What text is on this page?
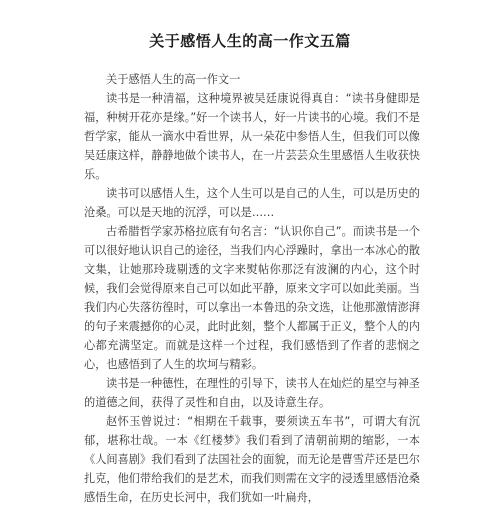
关于感悟人生的高一作文五篇

关于感悟人生的高一作文一

读书是一种清福，这种境界被吴廷康说得真自：“读书身健即是福，种树开花亦是缘。”好一个读书人，好一片读书的心境。我们不是哲学家，能从一滴水中看世界，从一朵花中参悟人生，但我们可以像吴廷康这样，静静地做个读书人，在一片芸芸众生里感悟人生收获快乐。

读书可以感悟人生，这个人生可以是自己的人生，可以是历史的沧桑。可以是天地的沉浮，可以是……

古希腊哲学家苏格拉底有句名言：“认识你自己”。而读书是一个可以很好地认识自己的途径，当我们内心浮躁时，拿出一本冰心的散文集，让她那玲珑剔透的文字来熨帖你那泛有波澜的内心，这个时候，我们会觉得原来自己可以如此平静，原来文字可以如此美丽。当我们内心失落彷徨时，可以拿出一本鲁迅的杂文选，让他那激情澎湃的句子来震撼你的心灵，此时此刻，整个人都属于正义，整个人的内心都充满坚定。而就是这样一个过程，我们感悟到了作者的悲悯之心，也感悟到了人生的坎坷与精彩。

读书是一种德性，在理性的引导下，读书人在灿烂的星空与神圣的道德之间，获得了灵性和自由，以及诗意生存。

赵怀玉曾说过：“相期在千载事，要须读五车书”，可谓大有沉郁，堪称壮哉。一本《红楼梦》我们看到了清朝前期的缩影，一本《人间喜剧》我们看到了法国社会的面貌，而无论是曹雪芹还是巴尔扎克，他们带给我们的是艺术，而我们则需在文字的浸透里感悟沧桑感悟生命，在历史长河中，我们犹如一叶扁舟，
